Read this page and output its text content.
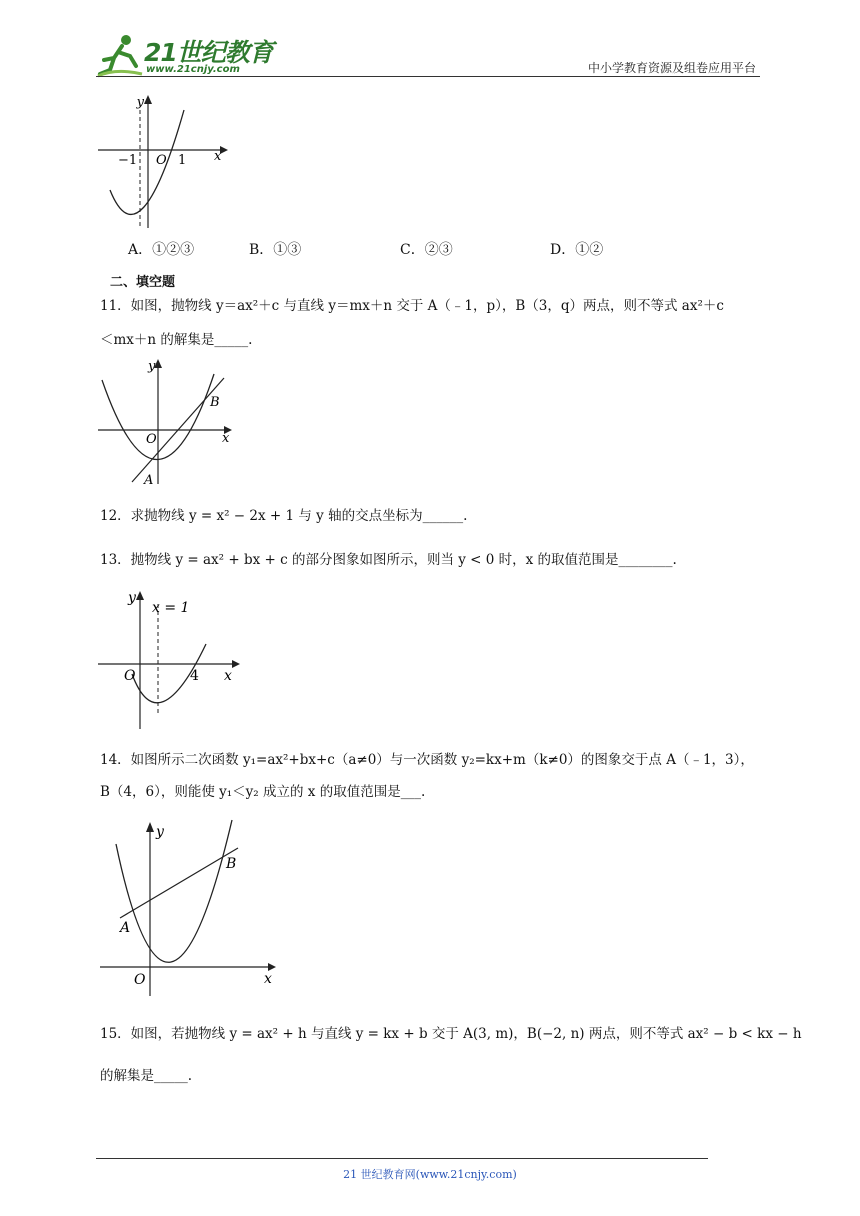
21世纪教育
www.21cnjy.com	中小学教育资源及组卷应用平台
y
x
O
−1	1
A．①②③	B．①③	C．②③	D．①②
二、填空题
11．如图，抛物线 y＝ax²＋c 与直线 y＝mx＋n 交于 A（﹣1，p），B（3，q）两点，则不等式 ax²＋c
＜mx＋n 的解集是_____.
y
x
O
A
B
12．求抛物线 y = x² − 2x + 1 与 y 轴的交点坐标为______.
13．抛物线 y = ax² + bx + c 的部分图象如图所示，则当 y < 0 时，x 的取值范围是________.
y
x = 1
x
O	4
14．如图所示二次函数 y₁=ax²+bx+c（a≠0）与一次函数 y₂=kx+m（k≠0）的图象交于点 A（﹣1，3），
B（4，6），则能使 y₁＜y₂ 成立的 x 的取值范围是___.
y
x
O
A
B
15．如图，若抛物线 y = ax² + h 与直线 y = kx + b 交于 A(3, m)，B(−2, n) 两点，则不等式 ax² − b < kx − h
的解集是_____.
21 世纪教育网(www.21cnjy.com)
